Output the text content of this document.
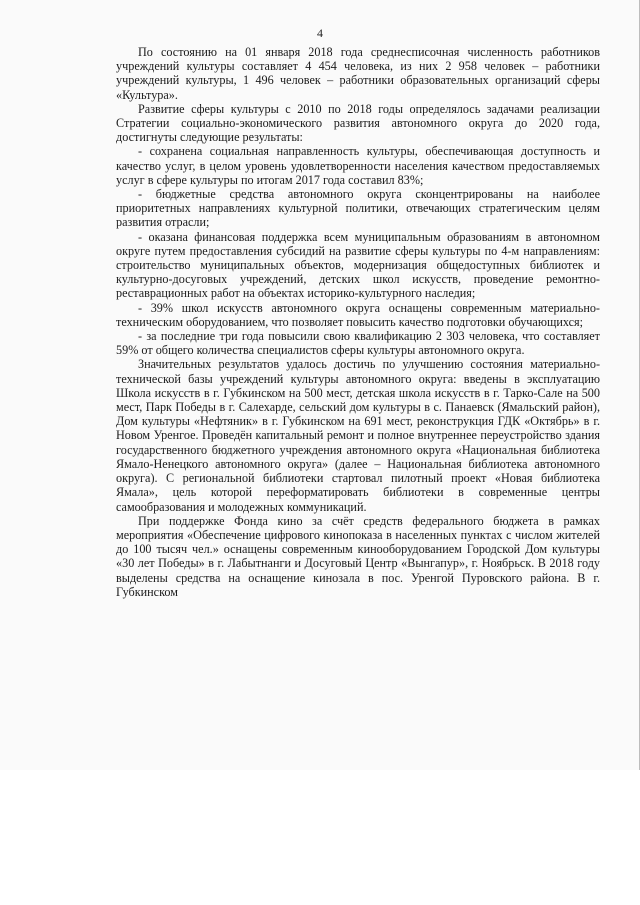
4

По состоянию на 01 января 2018 года среднесписочная численность работников учреждений культуры составляет 4 454 человека, из них 2 958 человек – работники учреждений культуры, 1 496 человек – работники образовательных организаций сферы «Культура».

Развитие сферы культуры с 2010 по 2018 годы определялось задачами реализации Стратегии социально-экономического развития автономного округа до 2020 года, достигнуты следующие результаты:

- сохранена социальная направленность культуры, обеспечивающая доступность и качество услуг, в целом уровень удовлетворенности населения качеством предоставляемых услуг в сфере культуры по итогам 2017 года составил 83%;

- бюджетные средства автономного округа сконцентрированы на наиболее приоритетных направлениях культурной политики, отвечающих стратегическим целям развития отрасли;

- оказана финансовая поддержка всем муниципальным образованиям в автономном округе путем предоставления субсидий на развитие сферы культуры по 4-м направлениям: строительство муниципальных объектов, модернизация общедоступных библиотек и культурно-досуговых учреждений, детских школ искусств, проведение ремонтно-реставрационных работ на объектах историко-культурного наследия;

- 39% школ искусств автономного округа оснащены современным материально-техническим оборудованием, что позволяет повысить качество подготовки обучающихся;

- за последние три года повысили свою квалификацию 2 303 человека, что составляет 59% от общего количества специалистов сферы культуры автономного округа.

Значительных результатов удалось достичь по улучшению состояния материально-технической базы учреждений культуры автономного округа: введены в эксплуатацию Школа искусств в г. Губкинском на 500 мест, детская школа искусств в г. Тарко-Сале на 500 мест, Парк Победы в г. Салехарде, сельский дом культуры в с. Панаевск (Ямальский район), Дом культуры «Нефтяник» в г. Губкинском на 691 мест, реконструкция ГДК «Октябрь» в г. Новом Уренгое. Проведён капитальный ремонт и полное внутреннее переустройство здания государственного бюджетного учреждения автономного округа «Национальная библиотека Ямало-Ненецкого автономного округа» (далее – Национальная библиотека автономного округа). С региональной библиотеки стартовал пилотный проект «Новая библиотека Ямала», цель которой переформатировать библиотеки в современные центры самообразования и молодежных коммуникаций.

При поддержке Фонда кино за счёт средств федерального бюджета в рамках мероприятия «Обеспечение цифрового кинопоказа в населенных пунктах с числом жителей до 100 тысяч чел.» оснащены современным кинооборудованием Городской Дом культуры «30 лет Победы» в г. Лабытнанги и Досуговый Центр «Вынгапур», г. Ноябрьск. В 2018 году выделены средства на оснащение кинозала в пос. Уренгой Пуровского района. В г. Губкинском
